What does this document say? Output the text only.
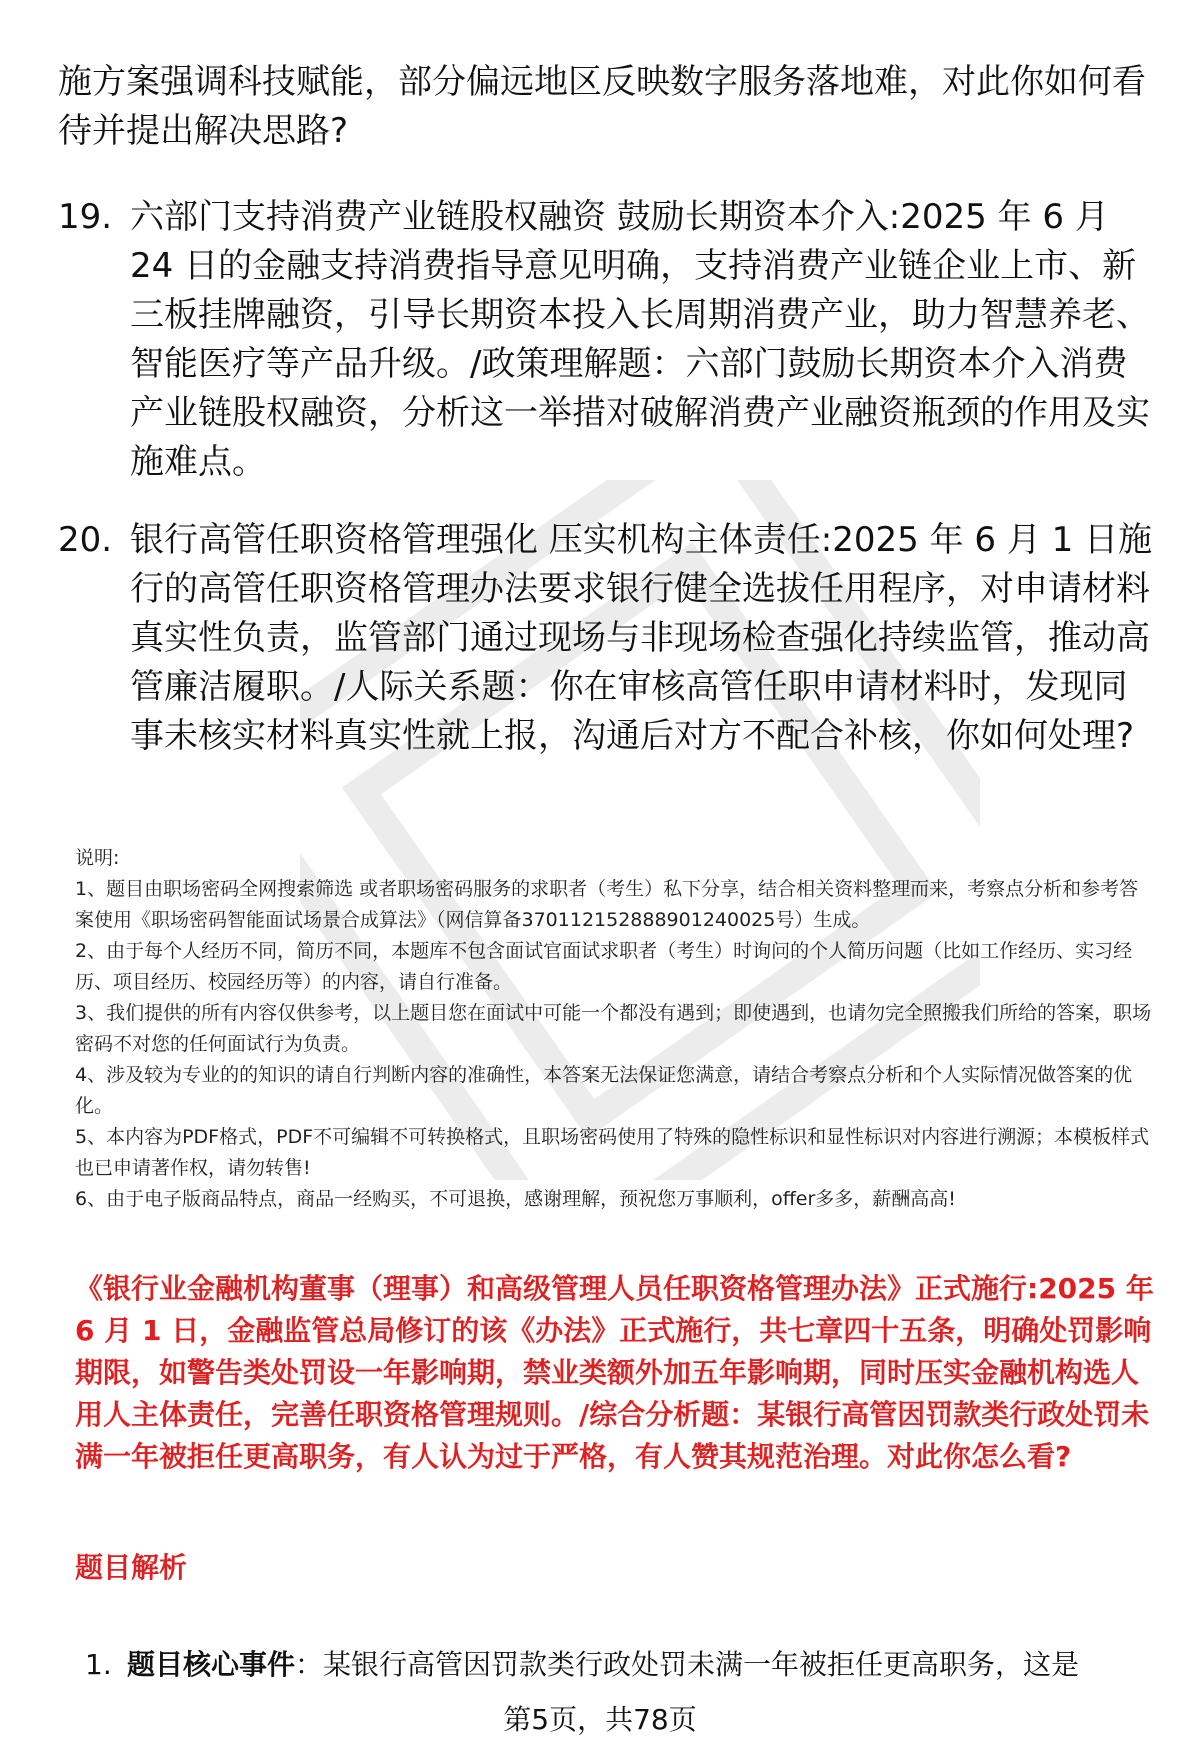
施方案强调科技赋能，部分偏远地区反映数字服务落地难，对此你如何看待并提出解决思路?
19. 六部门支持消费产业链股权融资 鼓励长期资本介入:2025 年 6 月 24 日的金融支持消费指导意见明确，支持消费产业链企业上市、新三板挂牌融资，引导长期资本投入长周期消费产业，助力智慧养老、智能医疗等产品升级。/政策理解题：六部门鼓励长期资本介入消费产业链股权融资，分析这一举措对破解消费产业融资瓶颈的作用及实施难点。
20. 银行高管任职资格管理强化 压实机构主体责任:2025 年 6 月 1 日施行的高管任职资格管理办法要求银行健全选拔任用程序，对申请材料真实性负责，监管部门通过现场与非现场检查强化持续监管，推动高管廉洁履职。/人际关系题：你在审核高管任职申请材料时，发现同事未核实材料真实性就上报，沟通后对方不配合补核，你如何处理?

说明:

1、题目由职场密码全网搜索筛选 或者职场密码服务的求职者（考生）私下分享，结合相关资料整理而来，考察点分析和参考答案使用《职场密码智能面试场景合成算法》（网信算备370112152888901240025号）生成。

2、由于每个人经历不同，简历不同，本题库不包含面试官面试求职者（考生）时询问的个人简历问题（比如工作经历、实习经历、项目经历、校园经历等）的内容，请自行准备。

3、我们提供的所有内容仅供参考，以上题目您在面试中可能一个都没有遇到；即使遇到，也请勿完全照搬我们所给的答案，职场密码不对您的任何面试行为负责。

4、涉及较为专业的的知识的请自行判断内容的准确性，本答案无法保证您满意，请结合考察点分析和个人实际情况做答案的优化。

5、本内容为PDF格式，PDF不可编辑不可转换格式，且职场密码使用了特殊的隐性标识和显性标识对内容进行溯源；本模板样式也已申请著作权，请勿转售!

6、由于电子版商品特点，商品一经购买，不可退换，感谢理解，预祝您万事顺利，offer多多，薪酬高高!

《银行业金融机构董事（理事）和高级管理人员任职资格管理办法》正式施行:2025 年 6 月 1 日，金融监管总局修订的该《办法》正式施行，共七章四十五条，明确处罚影响期限，如警告类处罚设一年影响期，禁业类额外加五年影响期，同时压实金融机构选人用人主体责任，完善任职资格管理规则。/综合分析题：某银行高管因罚款类行政处罚未满一年被拒任更高职务，有人认为过于严格，有人赞其规范治理。对此你怎么看?
题目解析
1. 题目核心事件：某银行高管因罚款类行政处罚未满一年被拒任更高职务，这是
第5页，共78页
